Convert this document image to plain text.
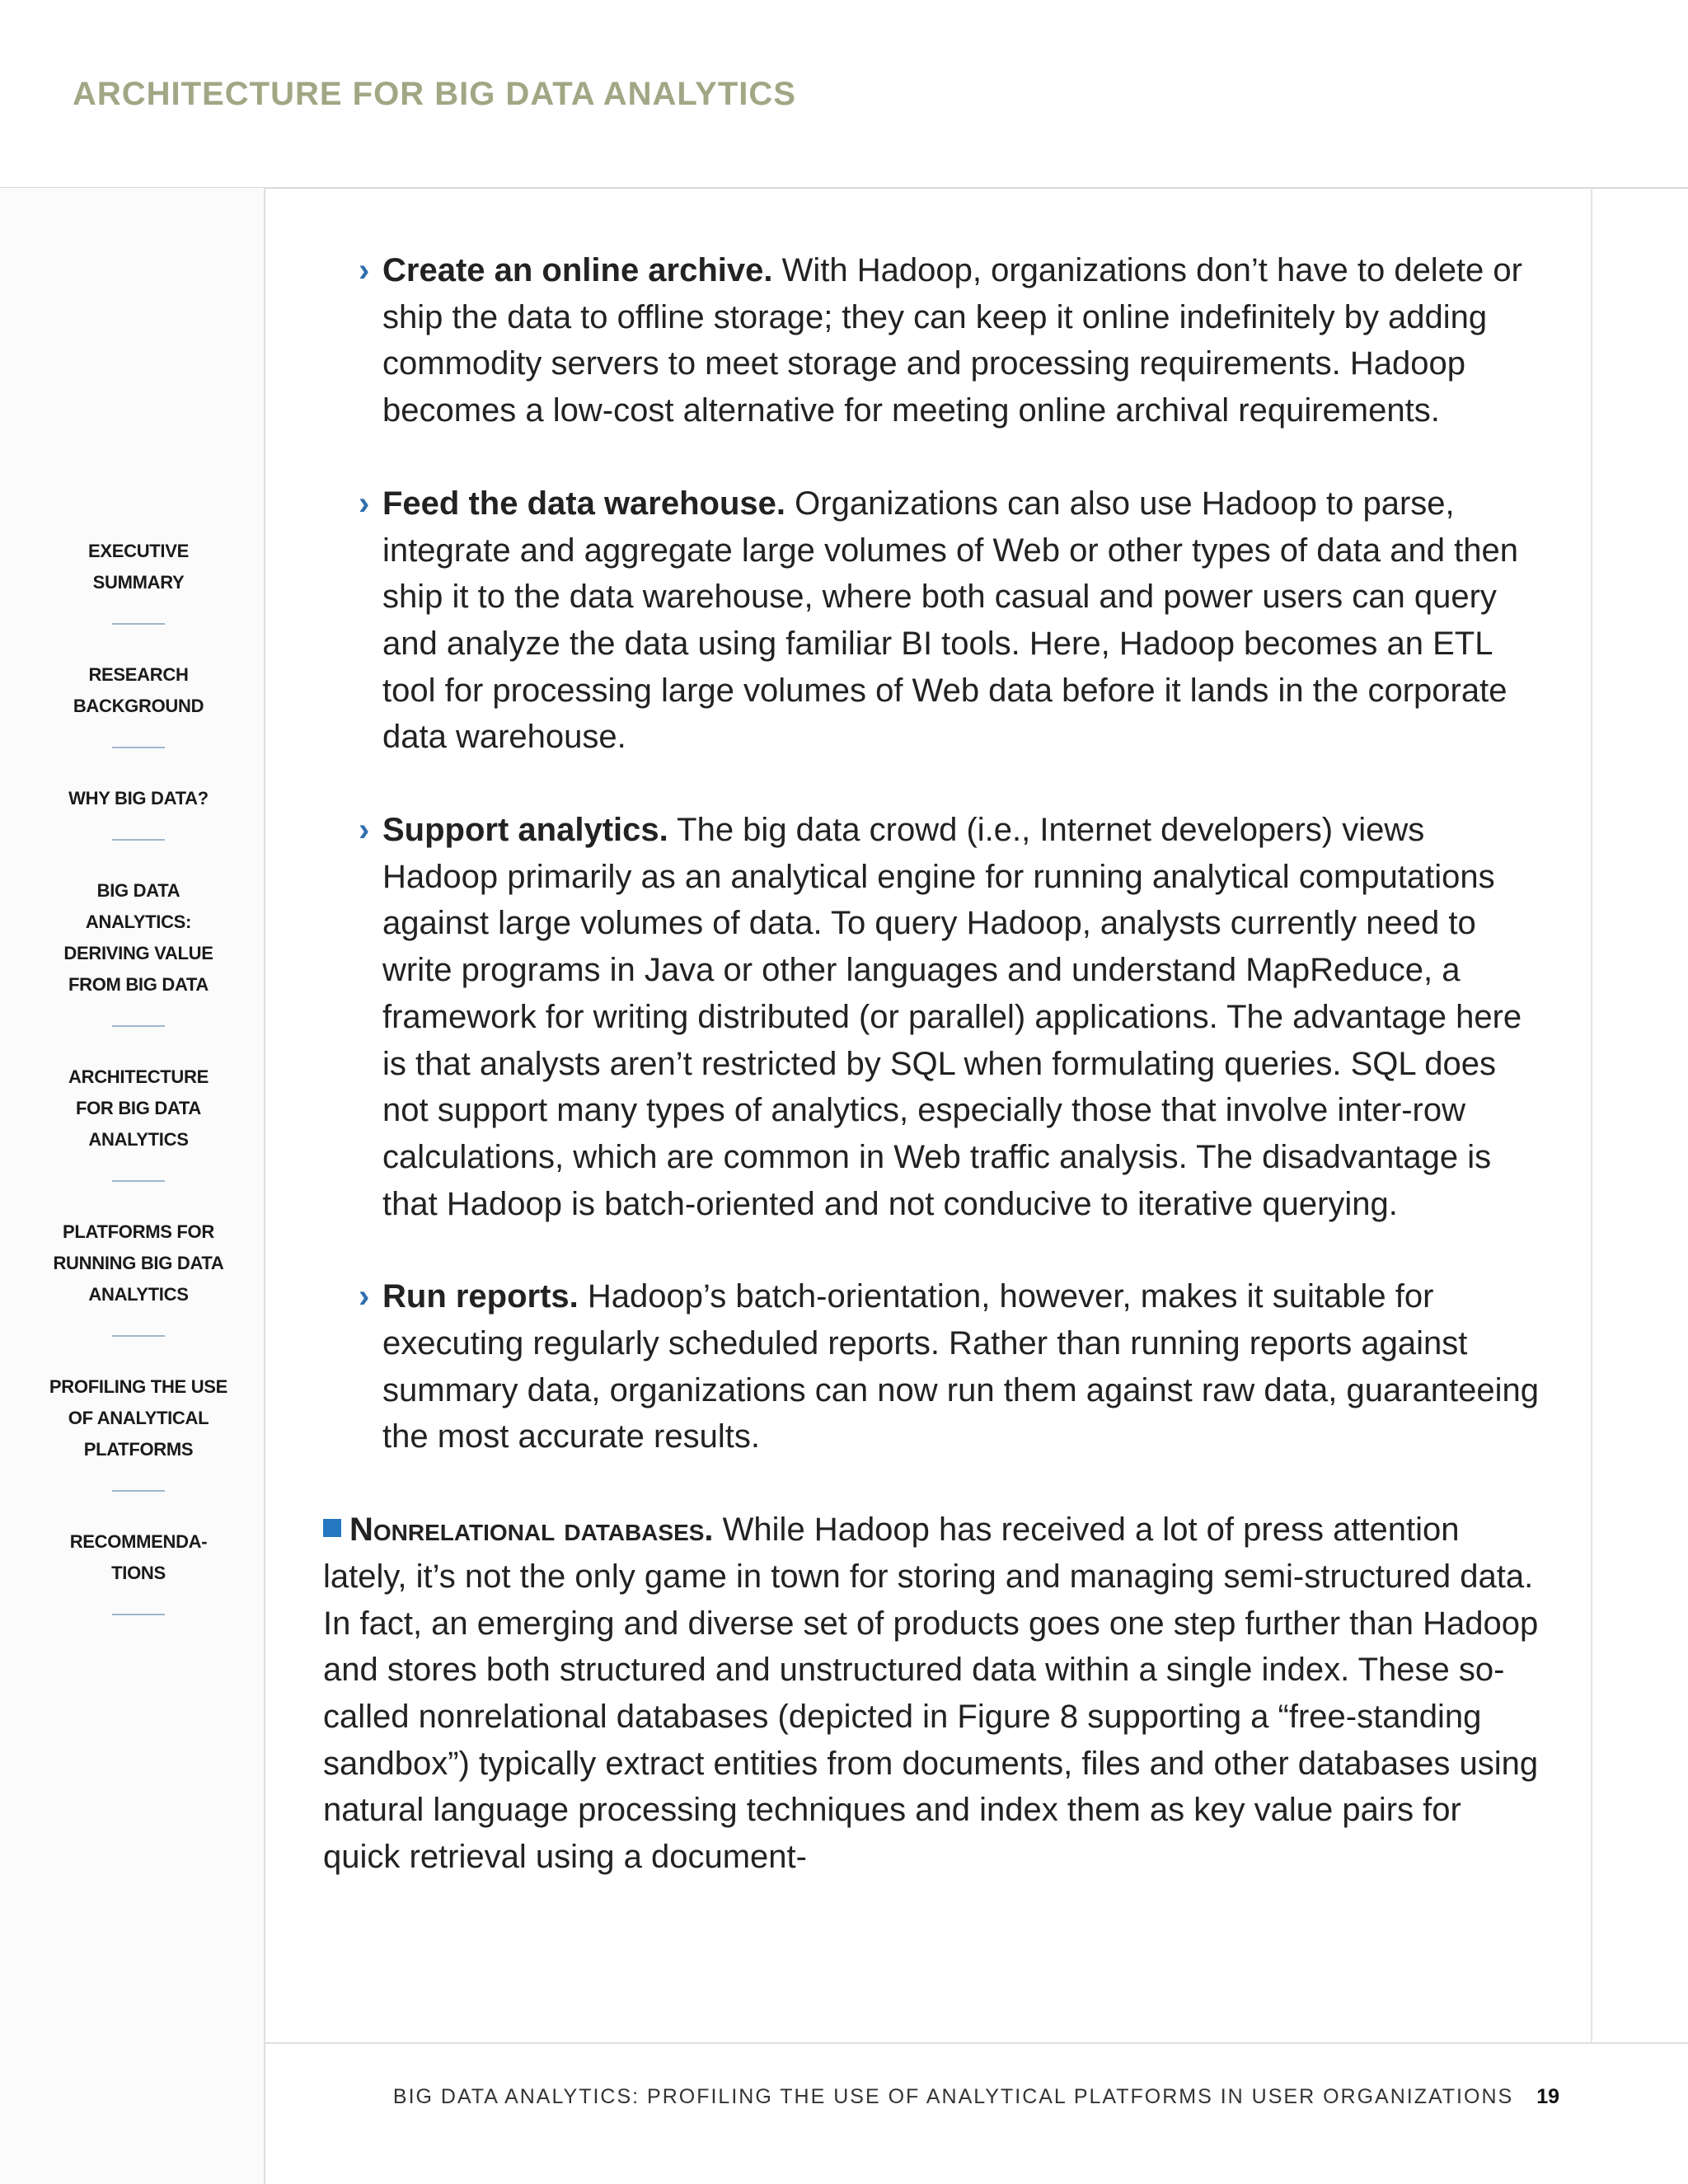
ARCHITECTURE FOR BIG DATA ANALYTICS
EXECUTIVE
SUMMARY
RESEARCH
BACKGROUND
WHY BIG DATA?
BIG DATA
ANALYTICS:
DERIVING VALUE
FROM BIG DATA
ARCHITECTURE
FOR BIG DATA
ANALYTICS
PLATFORMS FOR
RUNNING BIG DATA
ANALYTICS
PROFILING THE USE
OF ANALYTICAL
PLATFORMS
RECOMMENDA-
TIONS

› Create an online archive. With Hadoop, organizations don’t have to delete or ship the data to offline storage; they can keep it online indefinitely by adding commodity servers to meet storage and processing requirements. Hadoop becomes a low-cost alternative for meeting online archival requirements.

› Feed the data warehouse. Organizations can also use Hadoop to parse, integrate and aggregate large volumes of Web or other types of data and then ship it to the data warehouse, where both casual and power users can query and analyze the data using familiar BI tools. Here, Hadoop becomes an ETL tool for processing large volumes of Web data before it lands in the corporate data warehouse.

› Support analytics. The big data crowd (i.e., Internet developers) views Hadoop primarily as an analytical engine for running analytical computations against large volumes of data. To query Hadoop, analysts currently need to write programs in Java or other languages and understand MapReduce, a framework for writing distributed (or parallel) applications. The advantage here is that analysts aren’t restricted by SQL when formulating queries. SQL does not support many types of analytics, especially those that involve inter-row calculations, which are common in Web traffic analysis. The disadvantage is that Hadoop is batch-oriented and not conducive to iterative querying.

› Run reports. Hadoop’s batch-orientation, however, makes it suitable for executing regularly scheduled reports. Rather than running reports against summary data, organizations can now run them against raw data, guaranteeing the most accurate results.

Nonrelational databases. While Hadoop has received a lot of press attention lately, it’s not the only game in town for storing and managing semi-structured data. In fact, an emerging and diverse set of products goes one step further than Hadoop and stores both structured and unstructured data within a single index. These so-called nonrelational databases (depicted in Figure 8 supporting a “free-standing sandbox”) typically extract entities from documents, files and other databases using natural language processing techniques and index them as key value pairs for quick retrieval using a document-

BIG DATA ANALYTICS: PROFILING THE USE OF ANALYTICAL PLATFORMS IN USER ORGANIZATIONS 19
